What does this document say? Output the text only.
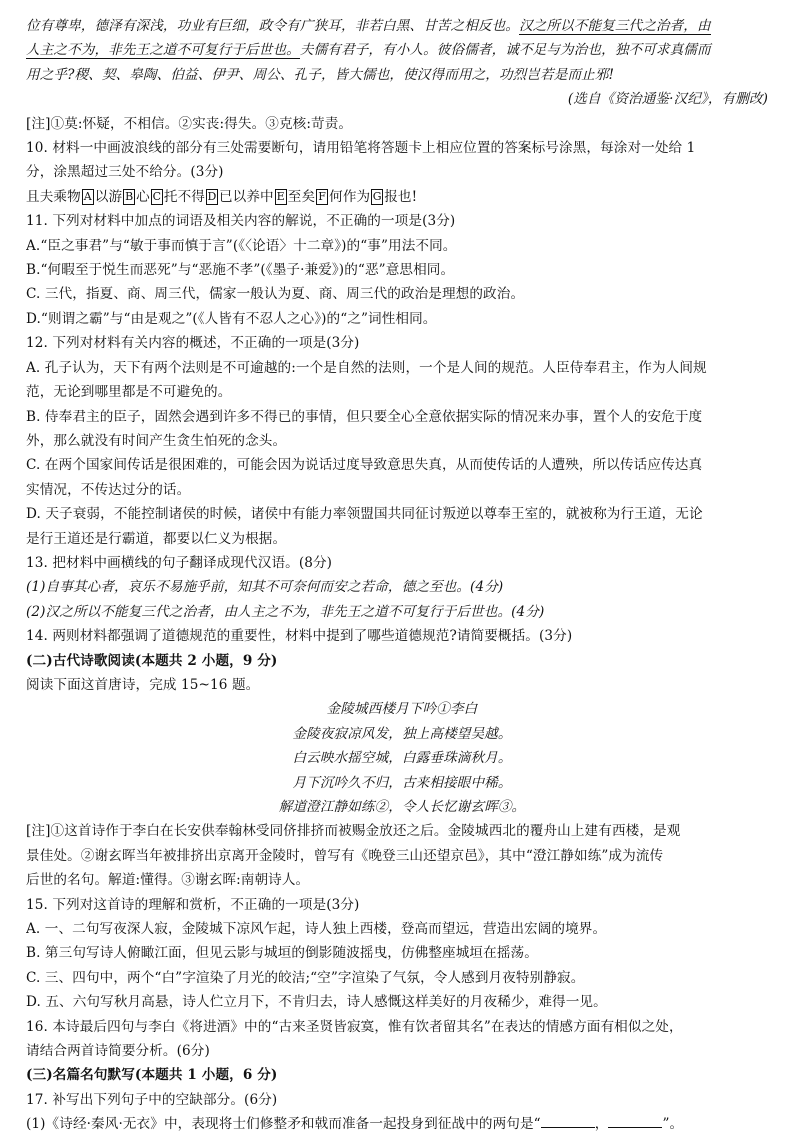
位有尊卑，德泽有深浅，功业有巨细，政令有广狭耳，非若白黑、甘苦之相反也。汉之所以不能复三代之治者，由
人主之不为，非先王之道不可复行于后世也。夫儒有君子，有小人。彼俗儒者，诚不足与为治也，独不可求真儒而
用之乎?稷、契、皋陶、伯益、伊尹、周公、孔子，皆大儒也，使汉得而用之，功烈岂若是而止邪!
(选自《资治通鉴·汉纪》，有删改)
[注]①莫:怀疑，不相信。②实丧:得失。③克核:苛责。
10. 材料一中画波浪线的部分有三处需要断句，请用铅笔将答题卡上相应位置的答案标号涂黑，每涂对一处给 1
分，涂黑超过三处不给分。(3分)
且夫乘物 A 以游 B 心 C 托不得 D 已以养中 E 至矣 F 何作为 G 报也!
11. 下列对材料中加点的词语及相关内容的解说，不正确的一项是(3分)
A.“臣之事君”与“敏于事而慎于言”(《〈论语〉十二章》)的“事”用法不同。
B.“何暇至于悦生而恶死”与“恶施不孝”(《墨子·兼爱》)的“恶”意思相同。
C. 三代，指夏、商、周三代，儒家一般认为夏、商、周三代的政治是理想的政治。
D.“则谓之霸”与“由是观之”(《人皆有不忍人之心》)的“之”词性相同。
12. 下列对材料有关内容的概述，不正确的一项是(3分)
A. 孔子认为，天下有两个法则是不可逾越的:一个是自然的法则，一个是人间的规范。人臣侍奉君主，作为人间规
范，无论到哪里都是不可避免的。
B. 侍奉君主的臣子，固然会遇到许多不得已的事情，但只要全心全意依据实际的情况来办事，置个人的安危于度
外，那么就没有时间产生贪生怕死的念头。
C. 在两个国家间传话是很困难的，可能会因为说话过度导致意思失真，从而使传话的人遭殃，所以传话应传达真
实情况，不传达过分的话。
D. 天子衰弱，不能控制诸侯的时候，诸侯中有能力率领盟国共同征讨叛逆以尊奉王室的，就被称为行王道，无论
是行王道还是行霸道，都要以仁义为根据。
13. 把材料中画横线的句子翻译成现代汉语。(8分)
(1)自事其心者，哀乐不易施乎前，知其不可奈何而安之若命，德之至也。(4分)
(2)汉之所以不能复三代之治者，由人主之不为，非先王之道不可复行于后世也。(4分)
14. 两则材料都强调了道德规范的重要性，材料中提到了哪些道德规范?请简要概括。(3分)
(二)古代诗歌阅读(本题共 2 小题，9 分)
阅读下面这首唐诗，完成 15~16 题。
金陵城西楼月下吟①李白
金陵夜寂凉风发，独上高楼望吴越。
白云映水摇空城，白露垂珠滴秋月。
月下沉吟久不归，古来相接眼中稀。
解道澄江静如练②，令人长忆谢玄晖③。
[注]①这首诗作于李白在长安供奉翰林受同侪排挤而被赐金放还之后。金陵城西北的覆舟山上建有西楼，是观
景佳处。②谢玄晖当年被排挤出京离开金陵时，曾写有《晚登三山还望京邑》，其中“澄江静如练”成为流传
后世的名句。解道:懂得。③谢玄晖:南朝诗人。
15. 下列对这首诗的理解和赏析，不正确的一项是(3分)
A. 一、二句写夜深人寂，金陵城下凉风乍起，诗人独上西楼，登高而望远，营造出宏阔的境界。
B. 第三句写诗人俯瞰江面，但见云影与城垣的倒影随波摇曳，仿佛整座城垣在摇荡。
C. 三、四句中，两个“白”字渲染了月光的皎洁;“空”字渲染了气氛，令人感到月夜特别静寂。
D. 五、六句写秋月高悬，诗人伫立月下，不肯归去，诗人感慨这样美好的月夜稀少，难得一见。
16. 本诗最后四句与李白《将进酒》中的“古来圣贤皆寂寞，惟有饮者留其名”在表达的情感方面有相似之处，
请结合两首诗简要分析。(6分)
(三)名篇名句默写(本题共 1 小题，6 分)
17. 补写出下列句子中的空缺部分。(6分)
(1)《诗经·秦风·无衣》中，表现将士们修整矛和戟而准备一起投身到征战中的两句是“	，	”。
